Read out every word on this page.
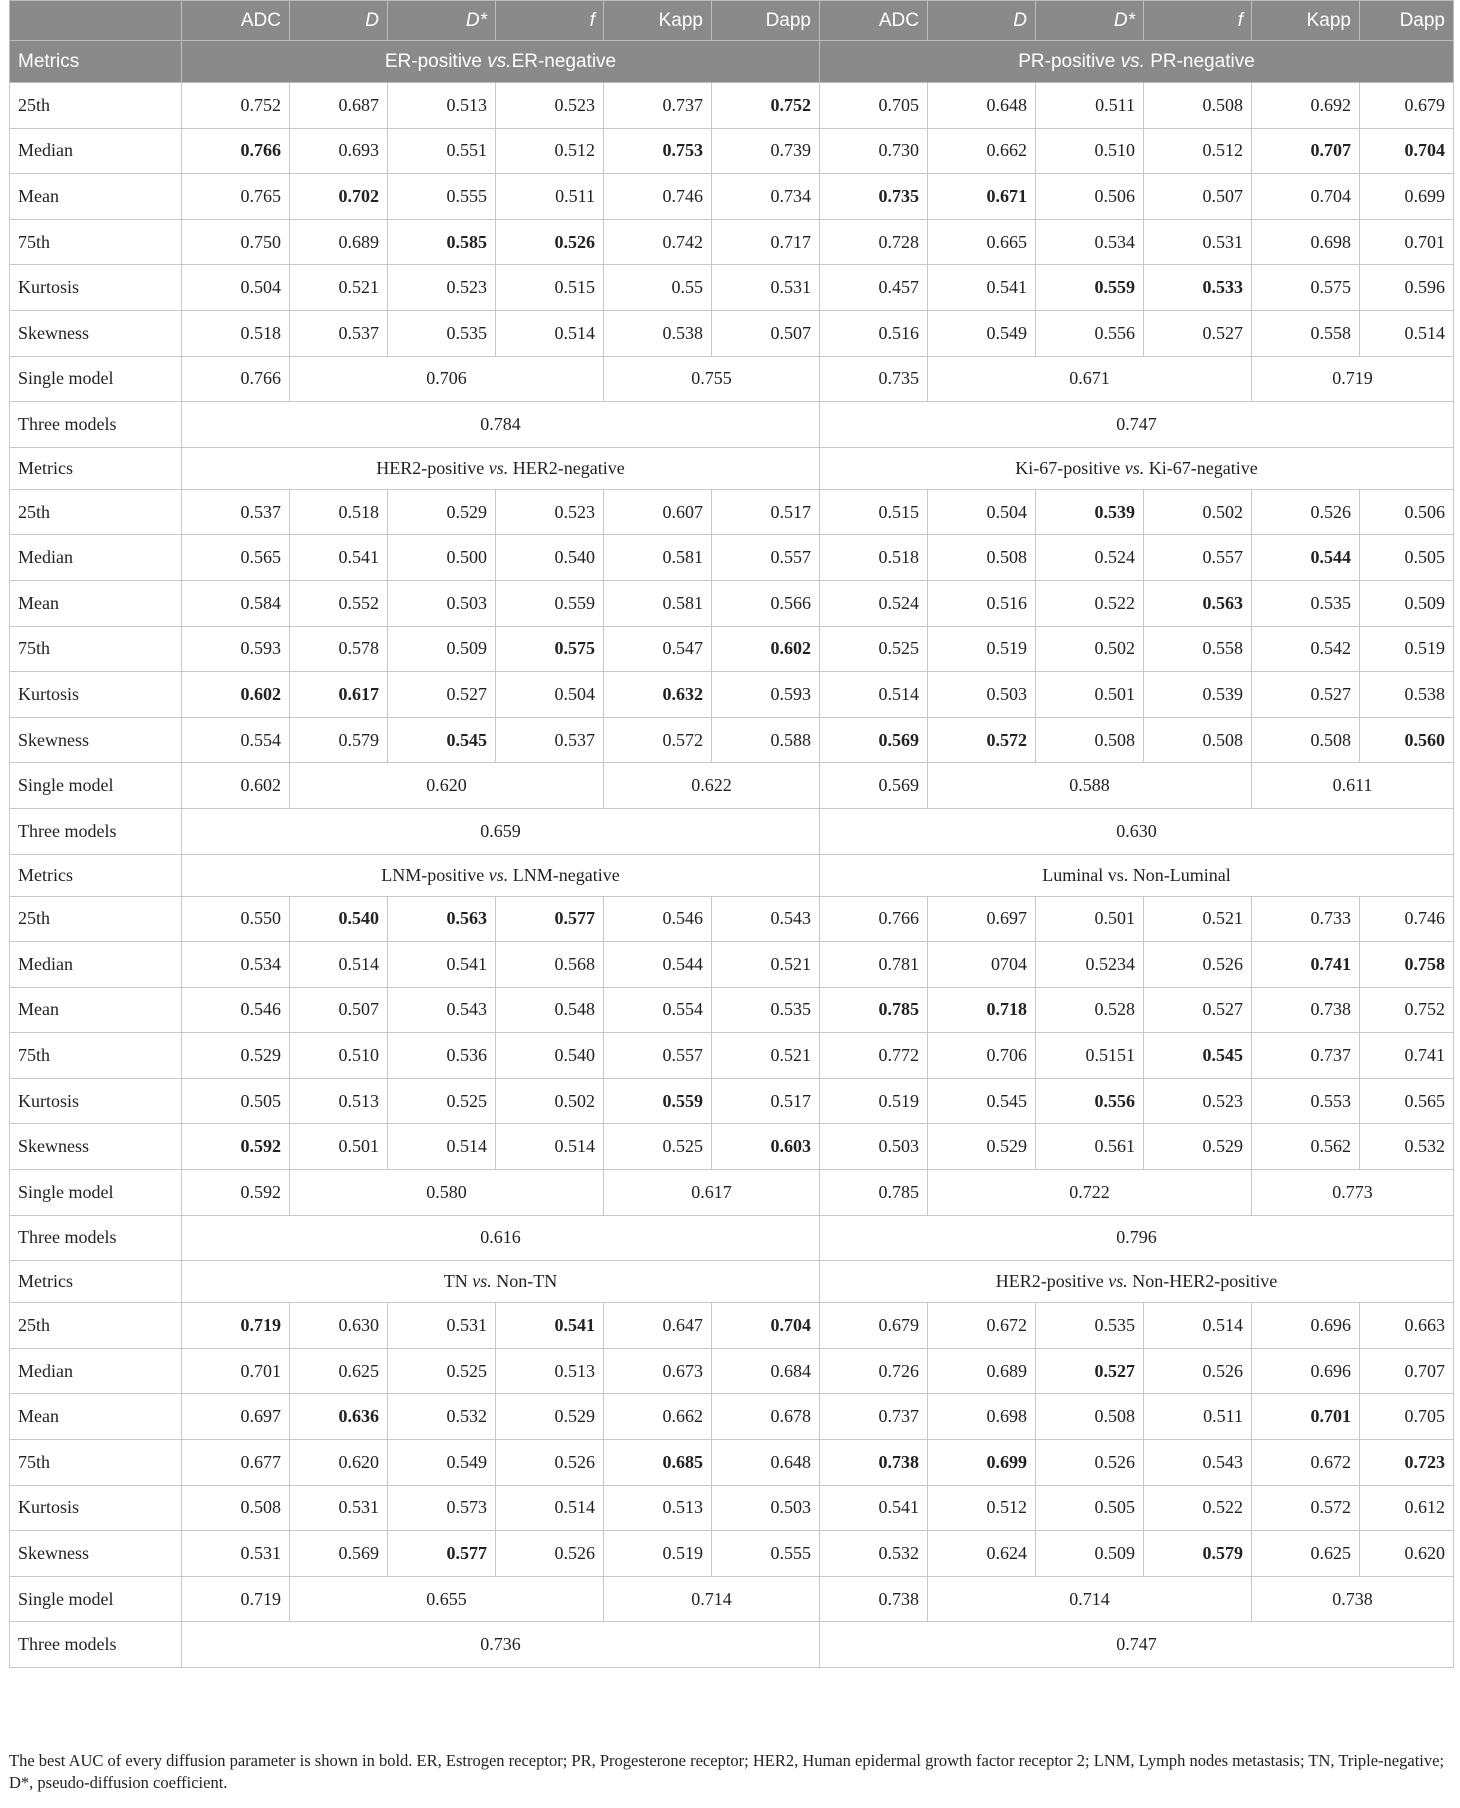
	ADC	D	D*	f	Kapp	Dapp	ADC	D	D*	f	Kapp	Dapp
Metrics	ER-positive vs.ER-negative						PR-positive vs. PR-negative					
25th	0.752	0.687	0.513	0.523	0.737	0.752	0.705	0.648	0.511	0.508	0.692	0.679
Median	0.766	0.693	0.551	0.512	0.753	0.739	0.730	0.662	0.510	0.512	0.707	0.704
Mean	0.765	0.702	0.555	0.511	0.746	0.734	0.735	0.671	0.506	0.507	0.704	0.699
75th	0.750	0.689	0.585	0.526	0.742	0.717	0.728	0.665	0.534	0.531	0.698	0.701
Kurtosis	0.504	0.521	0.523	0.515	0.55	0.531	0.457	0.541	0.559	0.533	0.575	0.596
Skewness	0.518	0.537	0.535	0.514	0.538	0.507	0.516	0.549	0.556	0.527	0.558	0.514
Single model	0.766	0.706			0.755		0.735	0.671			0.719	
Three models	0.784						0.747					
Metrics	HER2-positive vs. HER2-negative						Ki-67-positive vs. Ki-67-negative					
25th	0.537	0.518	0.529	0.523	0.607	0.517	0.515	0.504	0.539	0.502	0.526	0.506
Median	0.565	0.541	0.500	0.540	0.581	0.557	0.518	0.508	0.524	0.557	0.544	0.505
Mean	0.584	0.552	0.503	0.559	0.581	0.566	0.524	0.516	0.522	0.563	0.535	0.509
75th	0.593	0.578	0.509	0.575	0.547	0.602	0.525	0.519	0.502	0.558	0.542	0.519
Kurtosis	0.602	0.617	0.527	0.504	0.632	0.593	0.514	0.503	0.501	0.539	0.527	0.538
Skewness	0.554	0.579	0.545	0.537	0.572	0.588	0.569	0.572	0.508	0.508	0.508	0.560
Single model	0.602	0.620			0.622		0.569	0.588			0.611	
Three models	0.659						0.630					
Metrics	LNM-positive vs. LNM-negative						Luminal vs. Non-Luminal					
25th	0.550	0.540	0.563	0.577	0.546	0.543	0.766	0.697	0.501	0.521	0.733	0.746
Median	0.534	0.514	0.541	0.568	0.544	0.521	0.781	0704	0.5234	0.526	0.741	0.758
Mean	0.546	0.507	0.543	0.548	0.554	0.535	0.785	0.718	0.528	0.527	0.738	0.752
75th	0.529	0.510	0.536	0.540	0.557	0.521	0.772	0.706	0.5151	0.545	0.737	0.741
Kurtosis	0.505	0.513	0.525	0.502	0.559	0.517	0.519	0.545	0.556	0.523	0.553	0.565
Skewness	0.592	0.501	0.514	0.514	0.525	0.603	0.503	0.529	0.561	0.529	0.562	0.532
Single model	0.592	0.580			0.617		0.785	0.722			0.773	
Three models	0.616						0.796					
Metrics	TN vs. Non-TN						HER2-positive vs. Non-HER2-positive					
25th	0.719	0.630	0.531	0.541	0.647	0.704	0.679	0.672	0.535	0.514	0.696	0.663
Median	0.701	0.625	0.525	0.513	0.673	0.684	0.726	0.689	0.527	0.526	0.696	0.707
Mean	0.697	0.636	0.532	0.529	0.662	0.678	0.737	0.698	0.508	0.511	0.701	0.705
75th	0.677	0.620	0.549	0.526	0.685	0.648	0.738	0.699	0.526	0.543	0.672	0.723
Kurtosis	0.508	0.531	0.573	0.514	0.513	0.503	0.541	0.512	0.505	0.522	0.572	0.612
Skewness	0.531	0.569	0.577	0.526	0.519	0.555	0.532	0.624	0.509	0.579	0.625	0.620
Single model	0.719	0.655			0.714		0.738	0.714			0.738	
Three models	0.736						0.747					
The best AUC of every diffusion parameter is shown in bold. ER, Estrogen receptor; PR, Progesterone receptor; HER2, Human epidermal growth factor receptor 2; LNM, Lymph nodes metastasis; TN, Triple-negative; D*, pseudo-diffusion coefficient.
